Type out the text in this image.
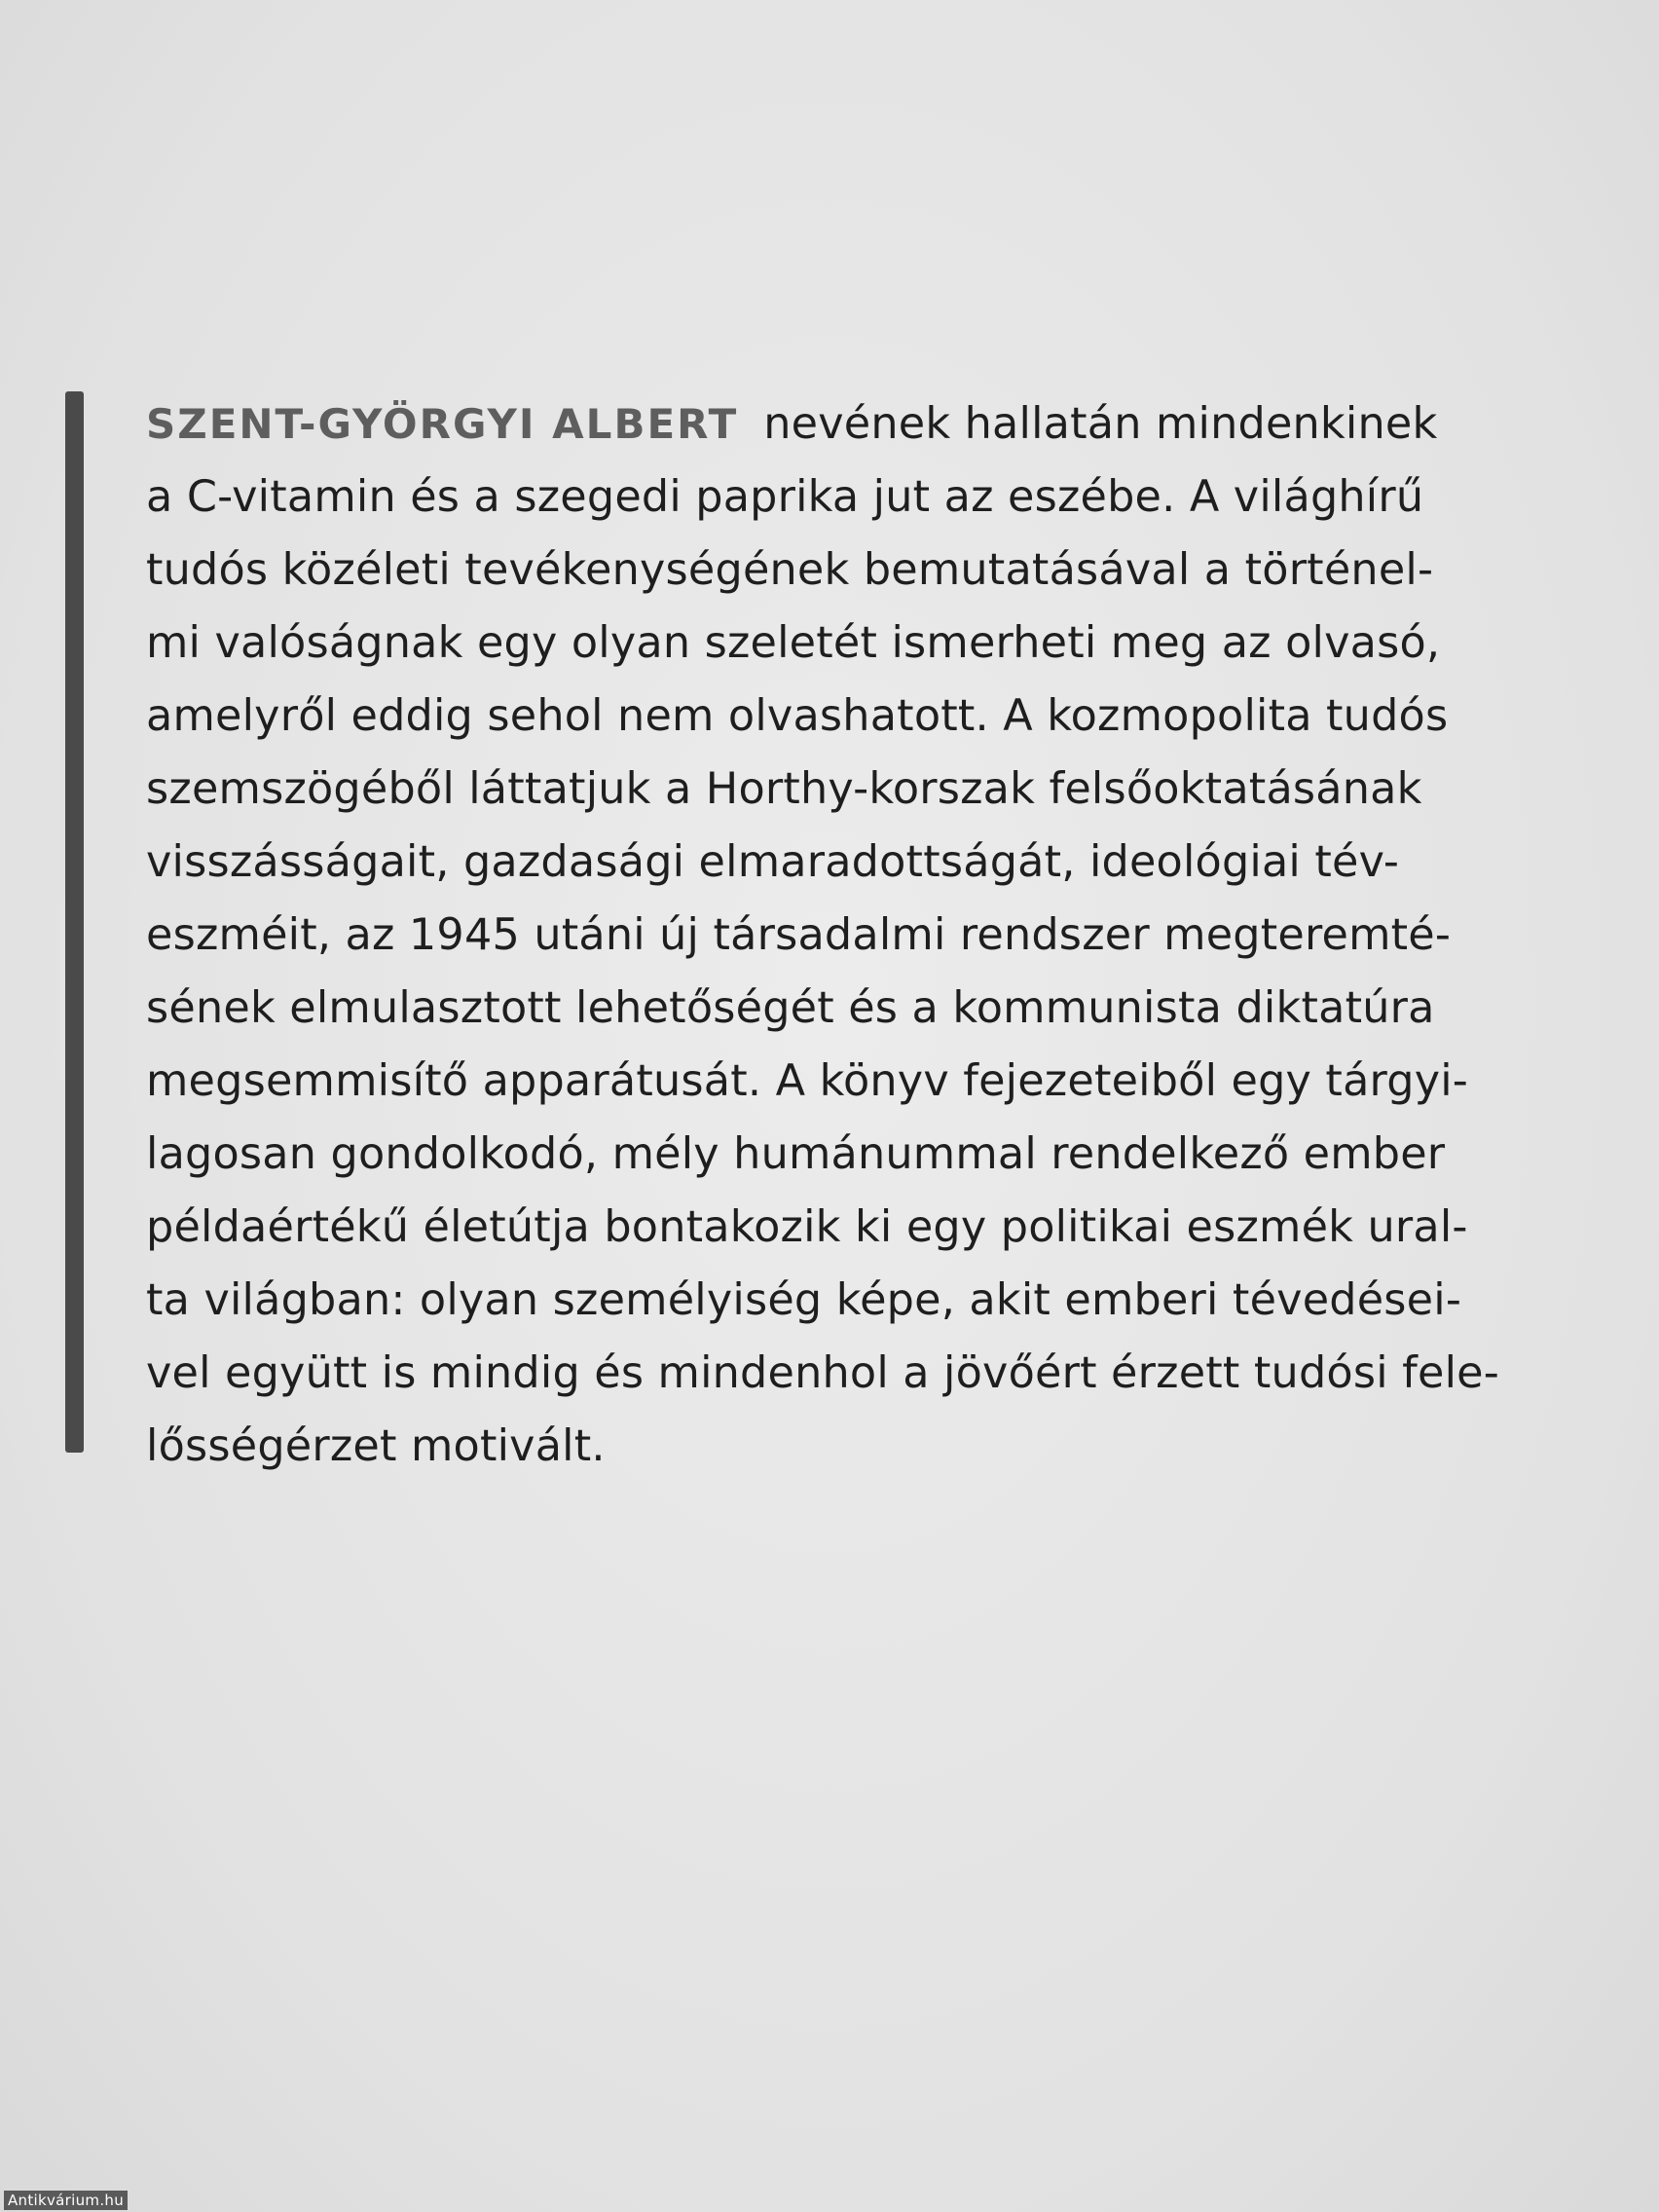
SZENT-GYÖRGYI ALBERT nevének hallatán mindenkinek
a C-vitamin és a szegedi paprika jut az eszébe. A világhírű
tudós közéleti tevékenységének bemutatásával a történel-
mi valóságnak egy olyan szeletét ismerheti meg az olvasó,
amelyről eddig sehol nem olvashatott. A kozmopolita tudós
szemszögéből láttatjuk a Horthy-korszak felsőoktatásának
visszásságait, gazdasági elmaradottságát, ideológiai tév-
eszméit, az 1945 utáni új társadalmi rendszer megteremté-
sének elmulasztott lehetőségét és a kommunista diktatúra
megsemmisítő apparátusát. A könyv fejezeteiből egy tárgyi-
lagosan gondolkodó, mély humánummal rendelkező ember
példaértékű életútja bontakozik ki egy politikai eszmék ural-
ta világban: olyan személyiség képe, akit emberi tévedései-
vel együtt is mindig és mindenhol a jövőért érzett tudósi fele-
lősségérzet motivált.
Antikvárium.hu
